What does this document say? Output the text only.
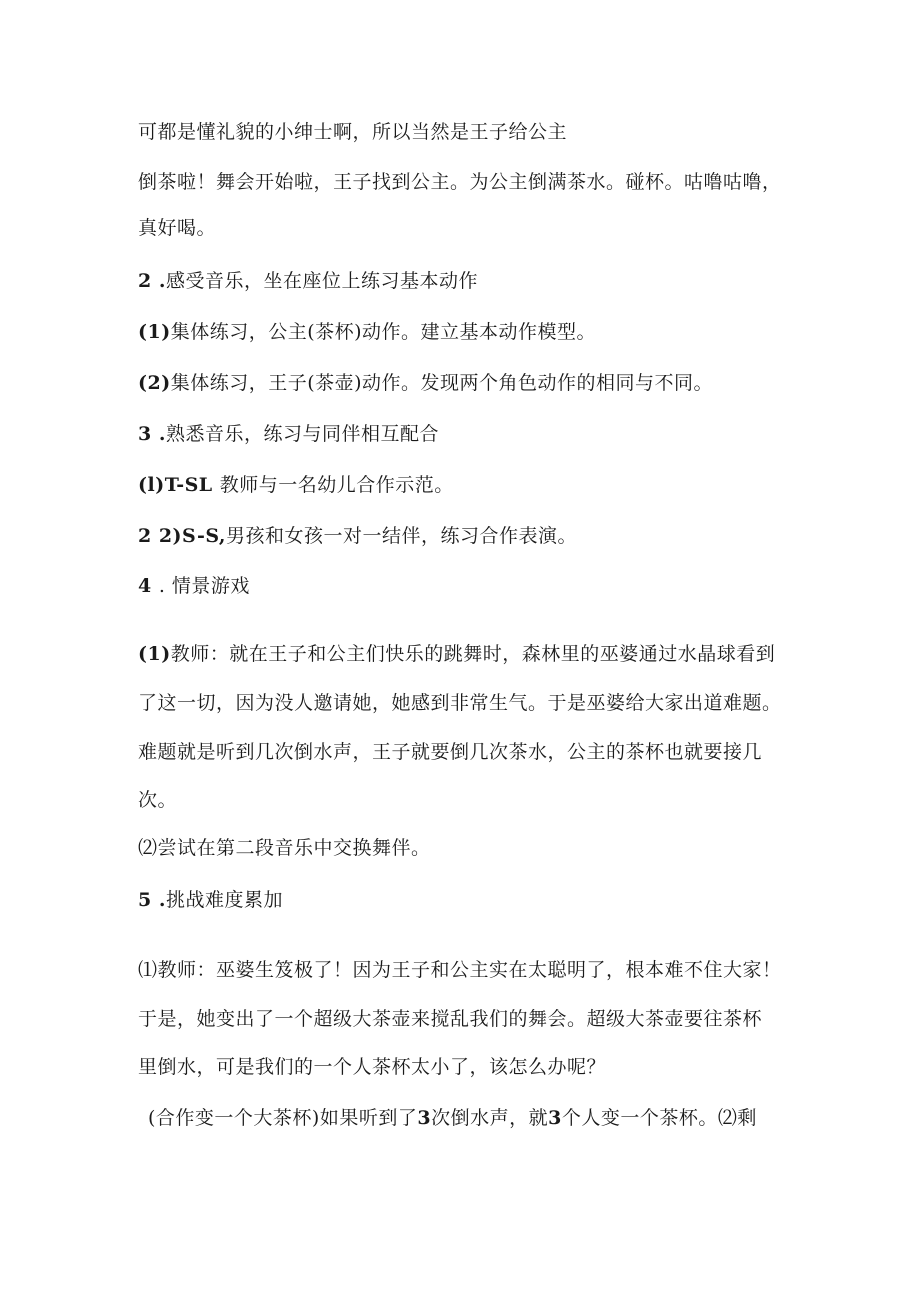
可都是懂礼貌的小绅士啊，所以当然是王子给公主
倒茶啦！舞会开始啦，王子找到公主。为公主倒满茶水。碰杯。咕噜咕噜，
真好喝。
2 .感受音乐，坐在座位上练习基本动作
(1)集体练习，公主(茶杯)动作。建立基本动作模型。
(2)集体练习，王子(茶壶)动作。发现两个角色动作的相同与不同。
3 .熟悉音乐，练习与同伴相互配合
(l)T-SL 教师与一名幼儿合作示范。
2 2)S-S,男孩和女孩一对一结伴，练习合作表演。
4 . 情景游戏
(1)教师：就在王子和公主们快乐的跳舞时，森林里的巫婆通过水晶球看到
了这一切，因为没人邀请她，她感到非常生气。于是巫婆给大家出道难题。
难题就是听到几次倒水声，王子就要倒几次茶水，公主的茶杯也就要接几
次。
⑵尝试在第二段音乐中交换舞伴。
5 .挑战难度累加
⑴教师：巫婆生笈极了！因为王子和公主实在太聪明了，根本难不住大家！
于是，她变出了一个超级大茶壶来搅乱我们的舞会。超级大茶壶要往茶杯
里倒水，可是我们的一个人茶杯太小了，该怎么办呢？
(合作变一个大茶杯)如果听到了3次倒水声，就3个人变一个茶杯。⑵剩
